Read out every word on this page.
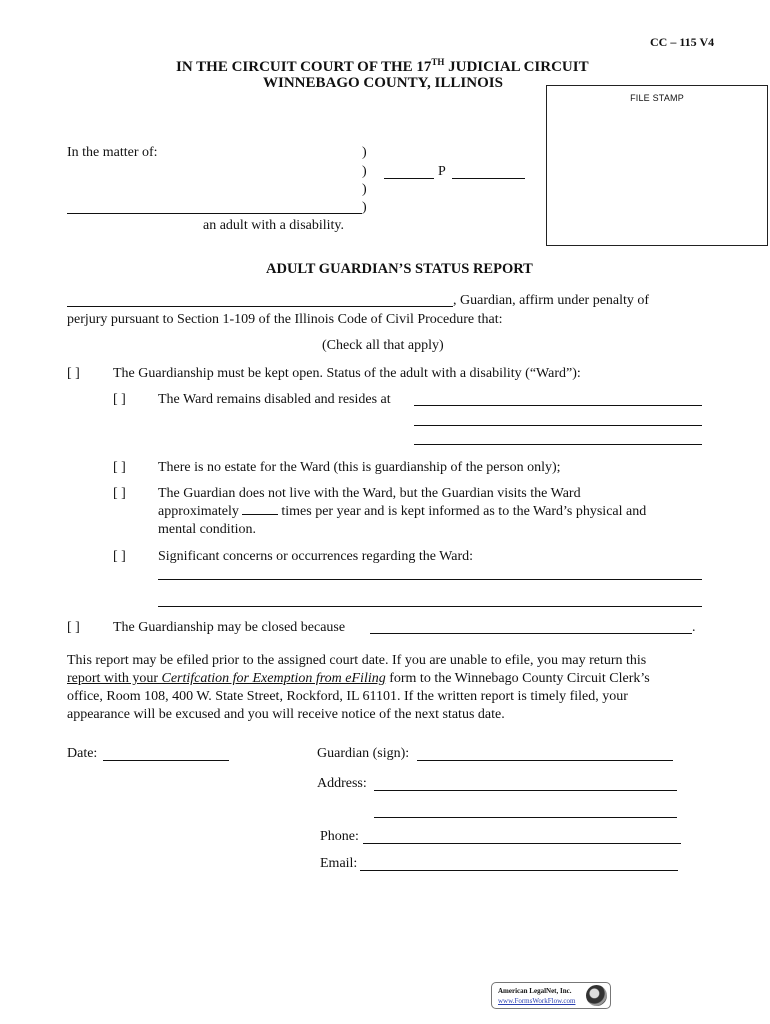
CC – 115 V4
IN THE CIRCUIT COURT OF THE 17TH JUDICIAL CIRCUIT
WINNEBAGO COUNTY, ILLINOIS
FILE STAMP
In the matter of:	)
)
)
)
P
an adult with a disability.
ADULT GUARDIAN’S STATUS REPORT
, Guardian, affirm under penalty of
perjury pursuant to Section 1-109 of the Illinois Code of Civil Procedure that:
(Check all that apply)
[ ] The Guardianship must be kept open. Status of the adult with a disability (“Ward”):
[ ] The Ward remains disabled and resides at
[ ] There is no estate for the Ward (this is guardianship of the person only);
[ ] The Guardian does not live with the Ward, but the Guardian visits the Ward
approximately	times per year and is kept informed as to the Ward’s physical and
mental condition.
[ ] Significant concerns or occurrences regarding the Ward:
[ ] The Guardianship may be closed because	.
This report may be efiled prior to the assigned court date. If you are unable to efile, you may return this
report with your Certifcation for Exemption from eFiling form to the Winnebago County Circuit Clerk’s
office, Room 108, 400 W. State Street, Rockford, IL 61101. If the written report is timely filed, your
appearance will be excused and you will receive notice of the next status date.
Date:	Guardian (sign):
Address:
Phone:
Email:
American LegalNet, Inc.
www.FormsWorkFlow.com
